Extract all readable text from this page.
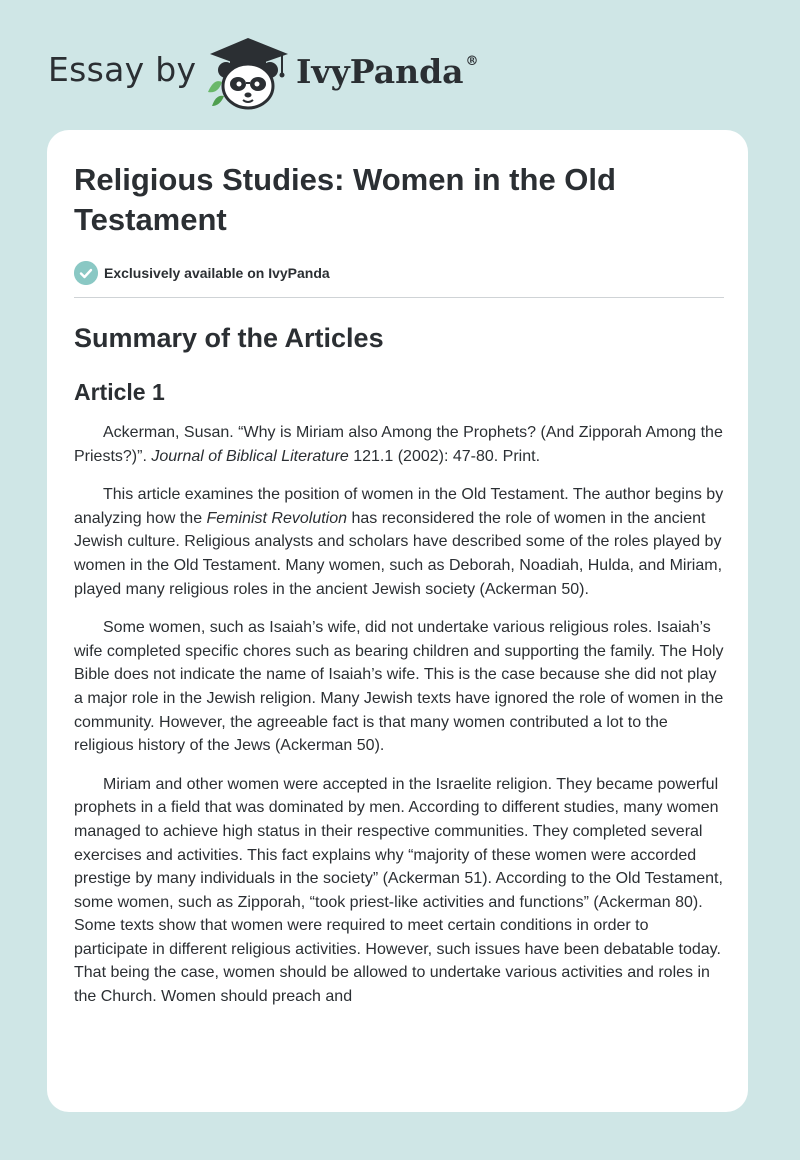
Essay by	IvyPanda ®
Religious Studies: Women in the Old Testament
Exclusively available on IvyPanda
Summary of the Articles
Article 1

Ackerman, Susan. “Why is Miriam also Among the Prophets? (And Zipporah Among the Priests?)”. Journal of Biblical Literature 121.1 (2002): 47-80. Print.

This article examines the position of women in the Old Testament. The author begins by analyzing how the Feminist Revolution has reconsidered the role of women in the ancient Jewish culture. Religious analysts and scholars have described some of the roles played by women in the Old Testament. Many women, such as Deborah, Noadiah, Hulda, and Miriam, played many religious roles in the ancient Jewish society (Ackerman 50).

Some women, such as Isaiah’s wife, did not undertake various religious roles. Isaiah’s wife completed specific chores such as bearing children and supporting the family. The Holy Bible does not indicate the name of Isaiah’s wife. This is the case because she did not play a major role in the Jewish religion. Many Jewish texts have ignored the role of women in the community. However, the agreeable fact is that many women contributed a lot to the religious history of the Jews (Ackerman 50).

Miriam and other women were accepted in the Israelite religion. They became powerful prophets in a field that was dominated by men. According to different studies, many women managed to achieve high status in their respective communities. They completed several exercises and activities. This fact explains why “majority of these women were accorded prestige by many individuals in the society” (Ackerman 51). According to the Old Testament, some women, such as Zipporah, “took priest-like activities and functions” (Ackerman 80). Some texts show that women were required to meet certain conditions in order to participate in different religious activities. However, such issues have been debatable today. That being the case, women should be allowed to undertake various activities and roles in the Church. Women should preach and
